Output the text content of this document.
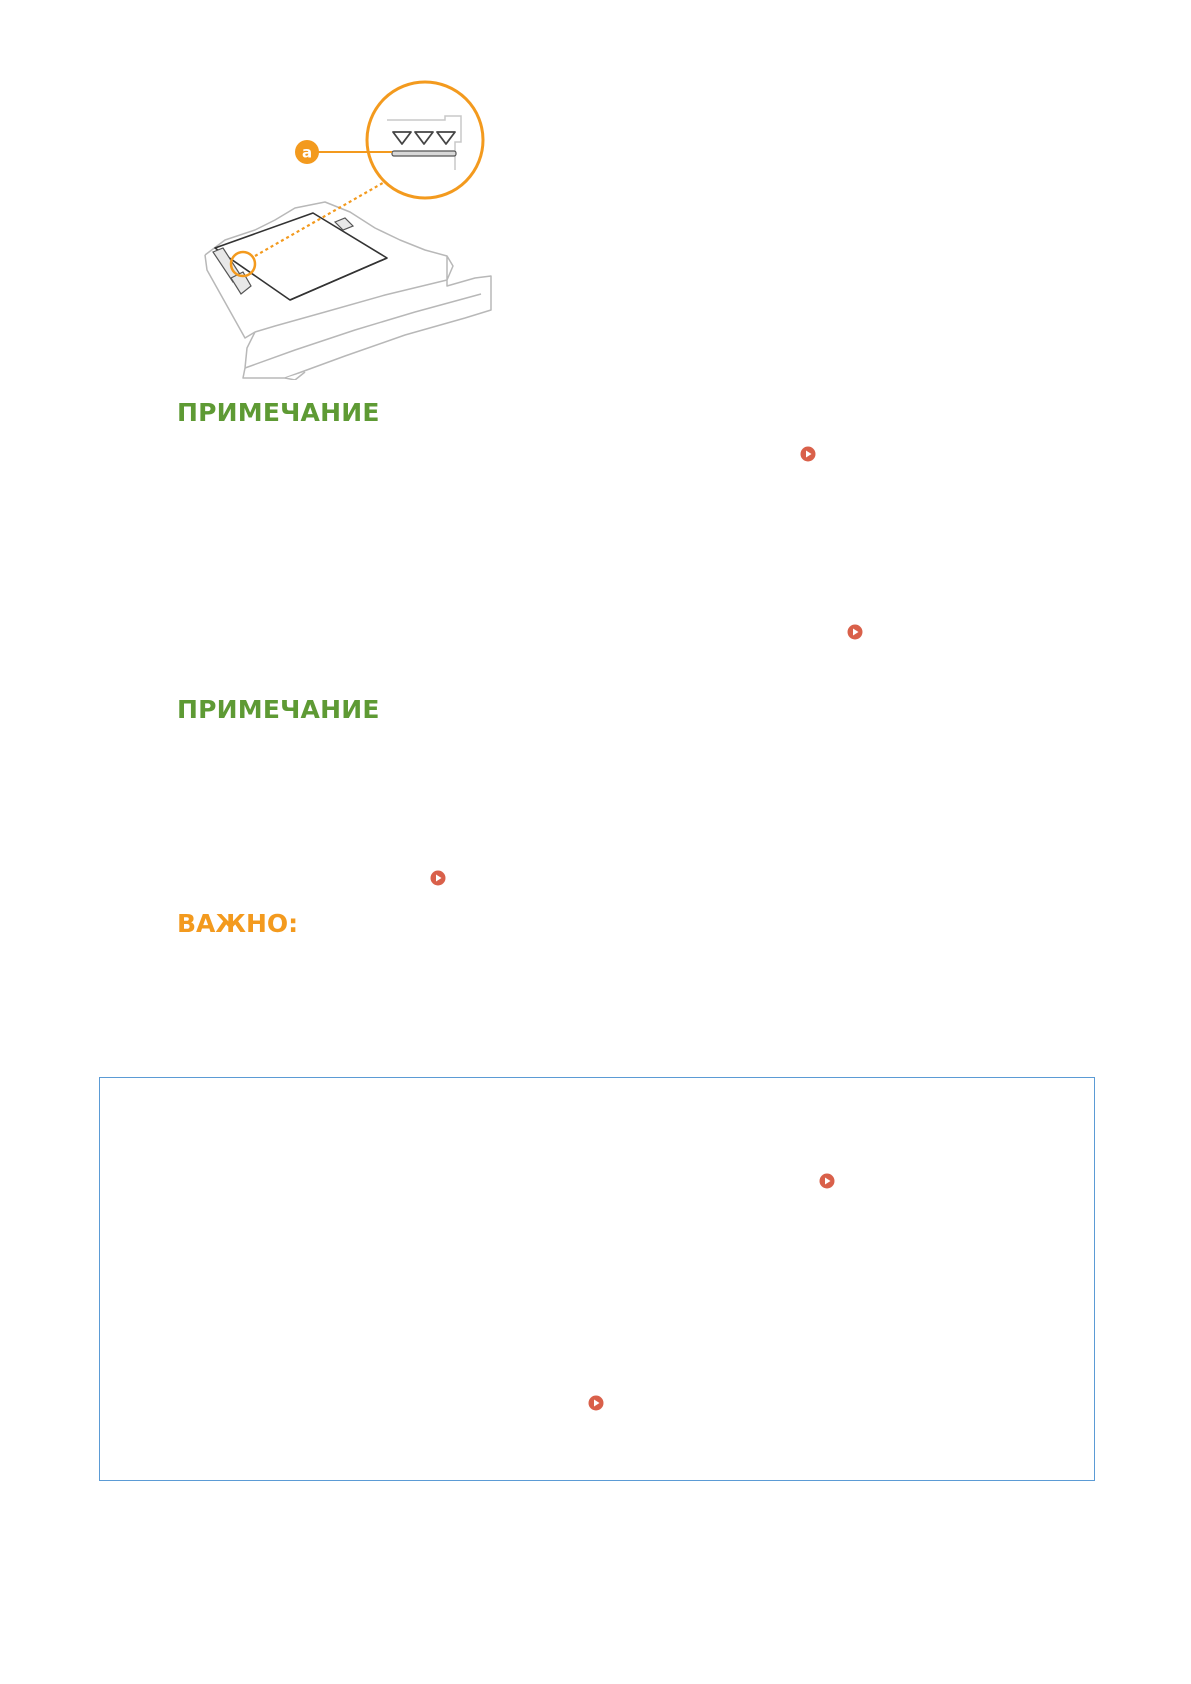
a
ПРИМЕЧАНИЕ
ПРИМЕЧАНИЕ
ВАЖНО:
